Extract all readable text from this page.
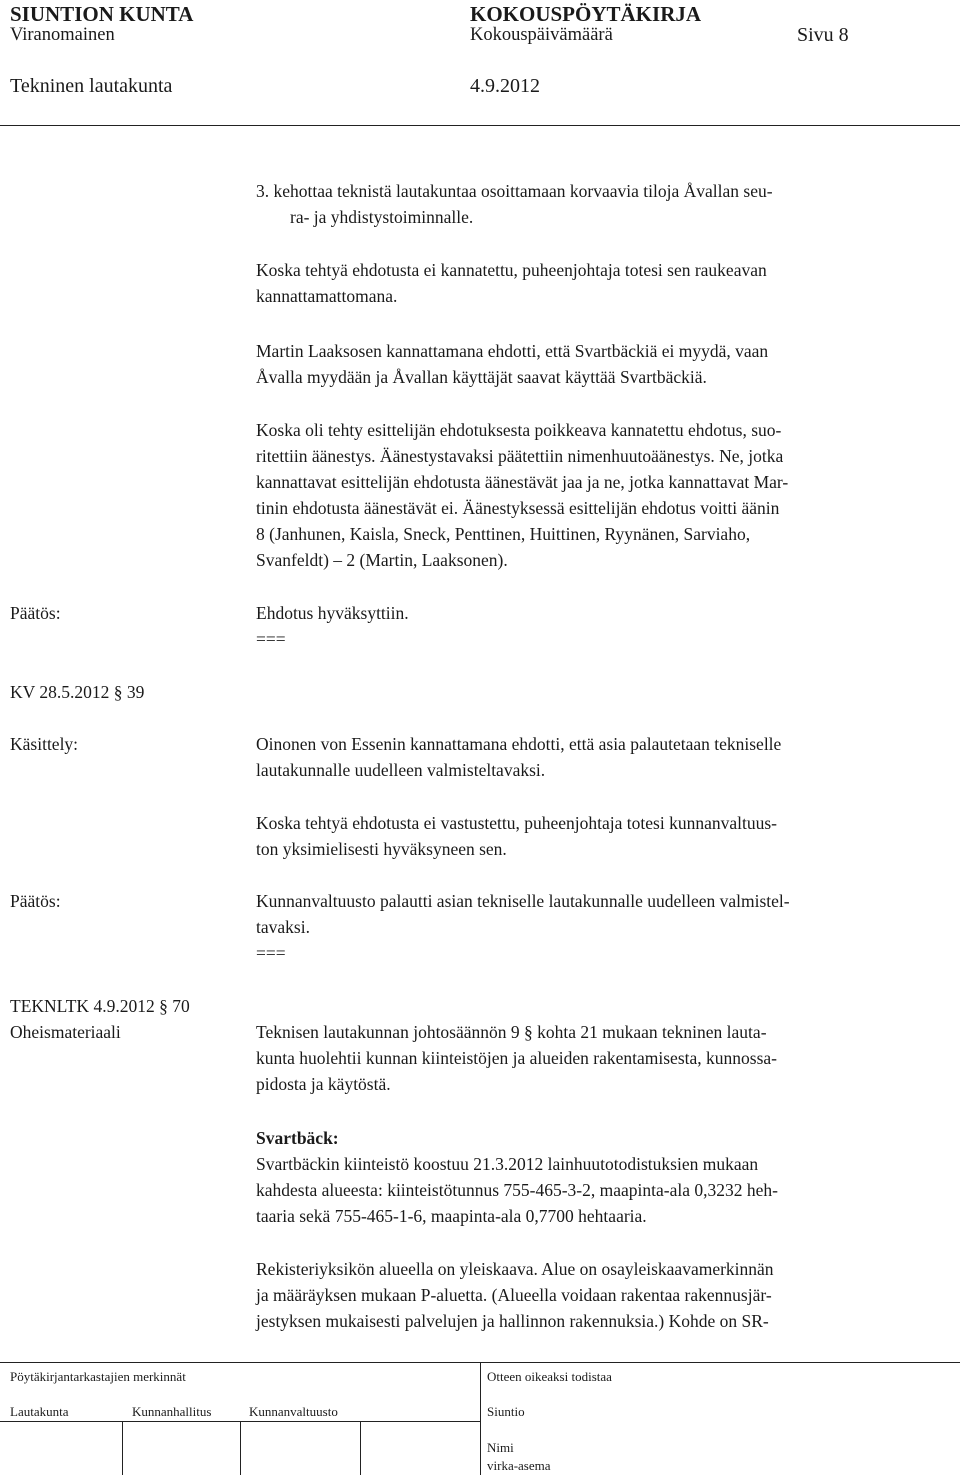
SIUNTION KUNTA	KOKOUSPÖYTÄKIRJA
Viranomainen	Kokouspäivämäärä	Sivu 8
Tekninen lautakunta	4.9.2012
3. kehottaa teknistä lautakuntaa osoittamaan korvaavia tiloja Åvallan seu-
ra- ja yhdistystoiminnalle.
Koska tehtyä ehdotusta ei kannatettu, puheenjohtaja totesi sen raukeavan
kannattamattomana.
Martin Laaksosen kannattamana ehdotti, että Svartbäckiä ei myydä, vaan
Åvalla myydään ja Åvallan käyttäjät saavat käyttää Svartbäckiä.
Koska oli tehty esittelijän ehdotuksesta poikkeava kannatettu ehdotus, suo-
ritettiin äänestys. Äänestystavaksi päätettiin nimenhuutoäänestys. Ne, jotka
kannattavat esittelijän ehdotusta äänestävät jaa ja ne, jotka kannattavat Mar-
tinin ehdotusta äänestävät ei. Äänestyksessä esittelijän ehdotus voitti äänin
8 (Janhunen, Kaisla, Sneck, Penttinen, Huittinen, Ryynänen, Sarviaho,
Svanfeldt) – 2 (Martin, Laaksonen).
Päätös:	Ehdotus hyväksyttiin.
===
KV 28.5.2012 § 39
Käsittely:	Oinonen von Essenin kannattamana ehdotti, että asia palautetaan tekniselle
lautakunnalle uudelleen valmisteltavaksi.
Koska tehtyä ehdotusta ei vastustettu, puheenjohtaja totesi kunnanvaltuus-
ton yksimielisesti hyväksyneen sen.
Päätös:	Kunnanvaltuusto palautti asian tekniselle lautakunnalle uudelleen valmistel-
tavaksi.
===
TEKNLTK 4.9.2012 § 70
Oheismateriaali	Teknisen lautakunnan johtosäännön 9 § kohta 21 mukaan tekninen lauta-
kunta huolehtii kunnan kiinteistöjen ja alueiden rakentamisesta, kunnossa-
pidosta ja käytöstä.
Svartbäck:
Svartbäckin kiinteistö koostuu 21.3.2012 lainhuutotodistuksien mukaan
kahdesta alueesta: kiinteistötunnus 755-465-3-2, maapinta-ala 0,3232 heh-
taaria sekä 755-465-1-6, maapinta-ala 0,7700 hehtaaria.
Rekisteriyksikön alueella on yleiskaava. Alue on osayleiskaavamerkinnän
ja määräyksen mukaan P-aluetta. (Alueella voidaan rakentaa rakennusjär-
jestyksen mukaisesti palvelujen ja hallinnon rakennuksia.) Kohde on SR-
Pöytäkirjantarkastajien merkinnät	Otteen oikeaksi todistaa
Lautakunta	Kunnanhallitus	Kunnanvaltuusto	Siuntio
Nimi
virka-asema
